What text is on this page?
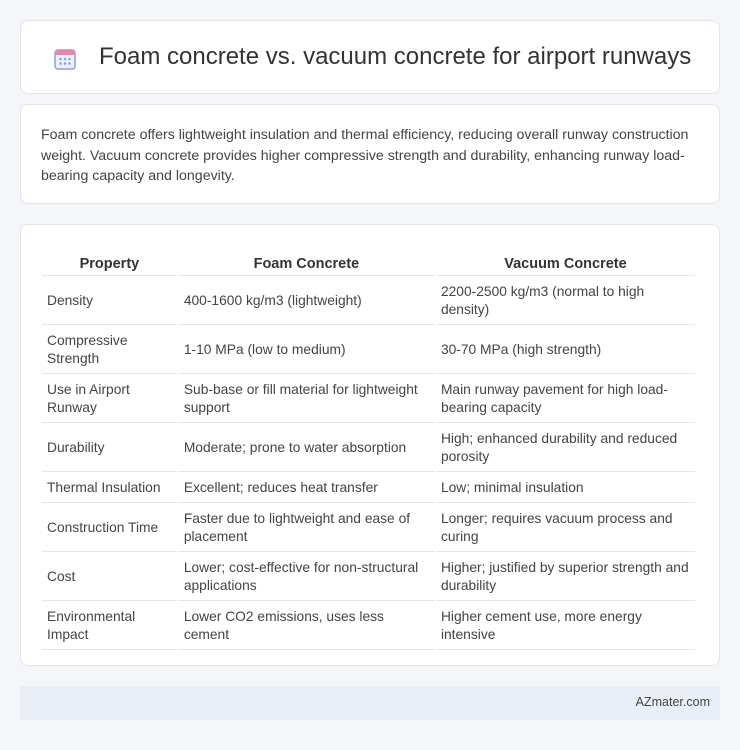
Foam concrete vs. vacuum concrete for airport runways

Foam concrete offers lightweight insulation and thermal efficiency, reducing overall runway construction weight. Vacuum concrete provides higher compressive strength and durability, enhancing runway load-bearing capacity and longevity.

Property	Foam Concrete	Vacuum Concrete
Density	400-1600 kg/m3 (lightweight)	2200-2500 kg/m3 (normal to high density)
Compressive Strength	1-10 MPa (low to medium)	30-70 MPa (high strength)
Use in Airport Runway	Sub-base or fill material for lightweight support	Main runway pavement for high load-bearing capacity
Durability	Moderate; prone to water absorption	High; enhanced durability and reduced porosity
Thermal Insulation	Excellent; reduces heat transfer	Low; minimal insulation
Construction Time	Faster due to lightweight and ease of placement	Longer; requires vacuum process and curing
Cost	Lower; cost-effective for non-structural applications	Higher; justified by superior strength and durability
Environmental Impact	Lower CO2 emissions, uses less cement	Higher cement use, more energy intensive
AZmater.com
